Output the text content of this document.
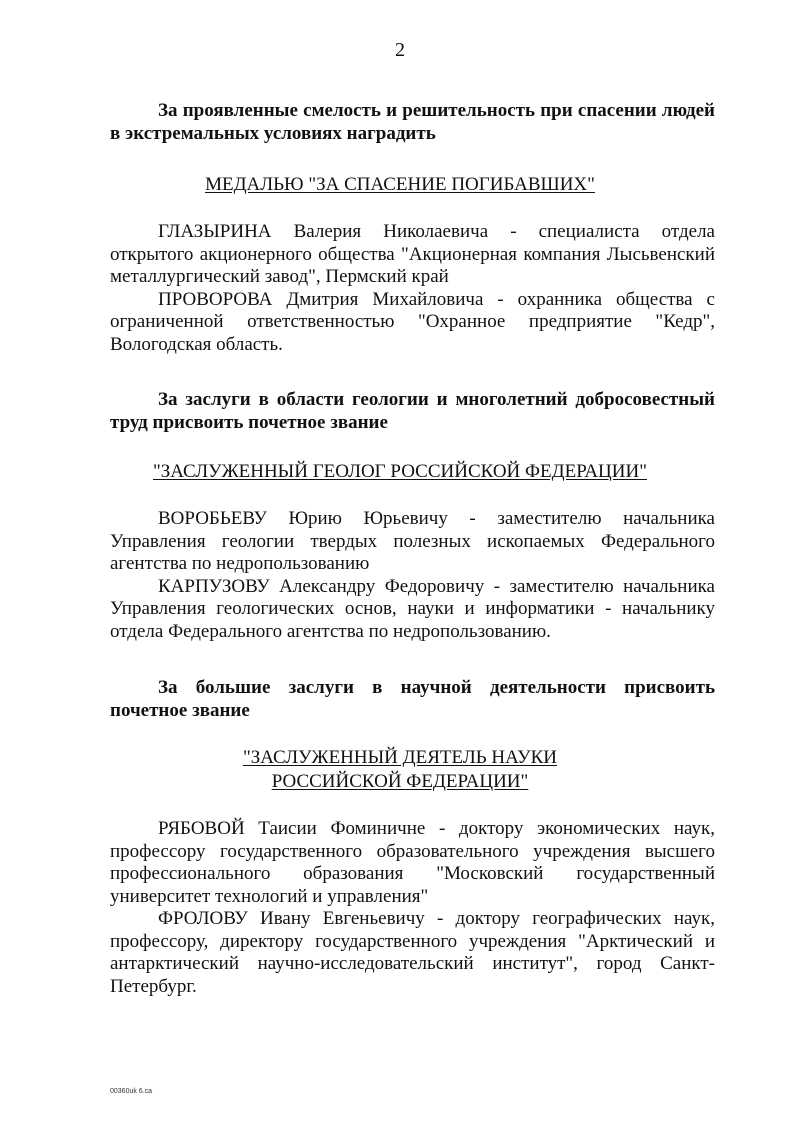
2

За проявленные смелость и решительность при спасении людей в экстремальных условиях наградить

МЕДАЛЬЮ "ЗА СПАСЕНИЕ ПОГИБАВШИХ"

ГЛАЗЫРИНА Валерия Николаевича - специалиста отдела открытого акционерного общества "Акционерная компания Лысьвенский металлургический завод", Пермский край

ПРОВОРОВА Дмитрия Михайловича - охранника общества с ограниченной ответственностью "Охранное предприятие "Кедр", Вологодская область.

За заслуги в области геологии и многолетний добросовестный труд присвоить почетное звание

"ЗАСЛУЖЕННЫЙ ГЕОЛОГ РОССИЙСКОЙ ФЕДЕРАЦИИ"

ВОРОБЬЕВУ Юрию Юрьевичу - заместителю начальника Управления геологии твердых полезных ископаемых Федерального агентства по недропользованию

КАРПУЗОВУ Александру Федоровичу - заместителю начальника Управления геологических основ, науки и информатики - начальнику отдела Федерального агентства по недропользованию.

За большие заслуги в научной деятельности присвоить почетное звание

"ЗАСЛУЖЕННЫЙ ДЕЯТЕЛЬ НАУКИ
РОССИЙСКОЙ ФЕДЕРАЦИИ"

РЯБОВОЙ Таисии Фоминичне - доктору экономических наук, профессору государственного образовательного учреждения высшего профессионального образования "Московский государственный университет технологий и управления"

ФРОЛОВУ Ивану Евгеньевичу - доктору географических наук, профессору, директору государственного учреждения "Арктический и антарктический научно-исследовательский институт", город Санкт-Петербург.

00360uk 6.ca
